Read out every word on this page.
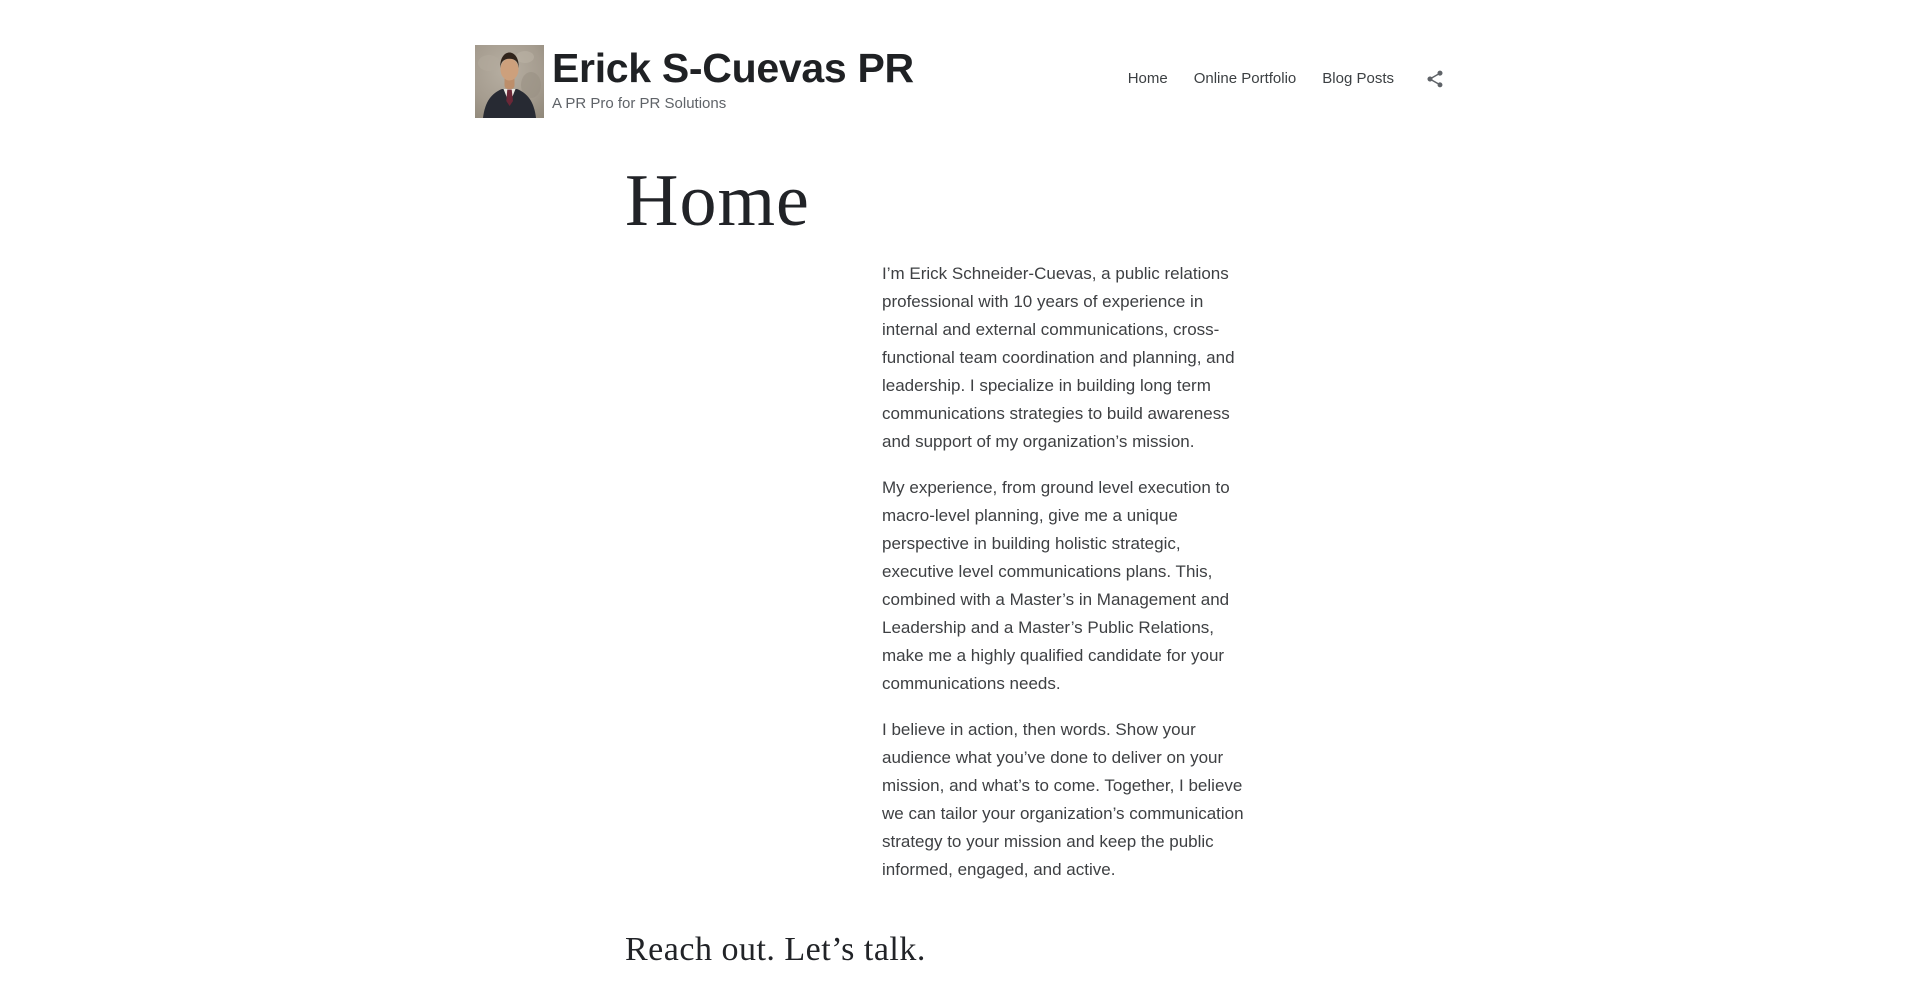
Erick S-Cuevas PR
A PR Pro for PR Solutions
Home Online Portfolio Blog Posts
Home

I’m Erick Schneider-Cuevas, a public relations professional with 10 years of experience in internal and external communications, cross-functional team coordination and planning, and leadership. I specialize in building long term communications strategies to build awareness and support of my organization’s mission.

My experience, from ground level execution to macro-level planning, give me a unique perspective in building holistic strategic, executive level communications plans. This, combined with a Master’s in Management and Leadership and a Master’s Public Relations, make me a highly qualified candidate for your communications needs.

I believe in action, then words. Show your audience what you’ve done to deliver on your mission, and what’s to come. Together, I believe we can tailor your organization’s communication strategy to your mission and keep the public informed, engaged, and active.

Reach out. Let’s talk.
